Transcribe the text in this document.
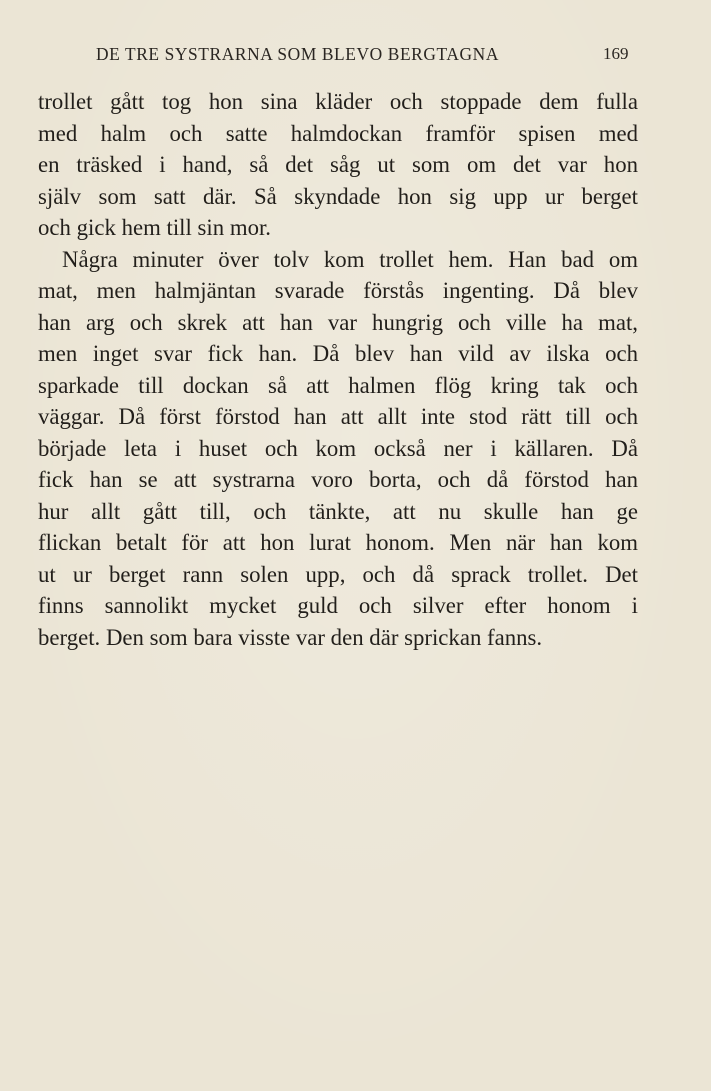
DE TRE SYSTRARNA SOM BLEVO BERGTAGNA	169
trollet gått tog hon sina kläder och stoppade dem fulla
med halm och satte halmdockan framför spisen med
en träsked i hand, så det såg ut som om det var hon
själv som satt där. Så skyndade hon sig upp ur berget
och gick hem till sin mor.
Några minuter över tolv kom trollet hem. Han bad om
mat, men halmjäntan svarade förstås ingenting. Då blev
han arg och skrek att han var hungrig och ville ha mat,
men inget svar fick han. Då blev han vild av ilska och
sparkade till dockan så att halmen flög kring tak och
väggar. Då först förstod han att allt inte stod rätt till och
började leta i huset och kom också ner i källaren. Då
fick han se att systrarna voro borta, och då förstod han
hur allt gått till, och tänkte, att nu skulle han ge
flickan betalt för att hon lurat honom. Men när han kom
ut ur berget rann solen upp, och då sprack trollet. Det
finns sannolikt mycket guld och silver efter honom i
berget. Den som bara visste var den där sprickan fanns.
